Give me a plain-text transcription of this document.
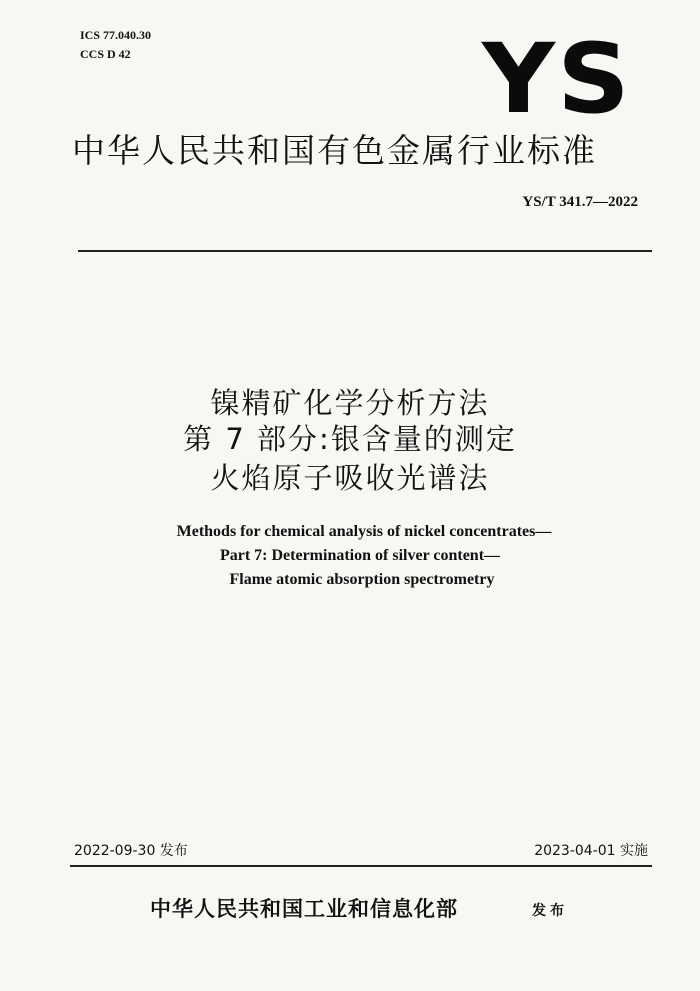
ICS 77.040.30
CCS D 42	YS
中华人民共和国有色金属行业标准
YS/T 341.7—2022
镍精矿化学分析方法
第 7 部分:银含量的测定
火焰原子吸收光谱法
Methods for chemical analysis of nickel concentrates—
Part 7: Determination of silver content—
Flame atomic absorption spectrometry
2022-09-30 发布	2023-04-01 实施
中华人民共和国工业和信息化部	发布
